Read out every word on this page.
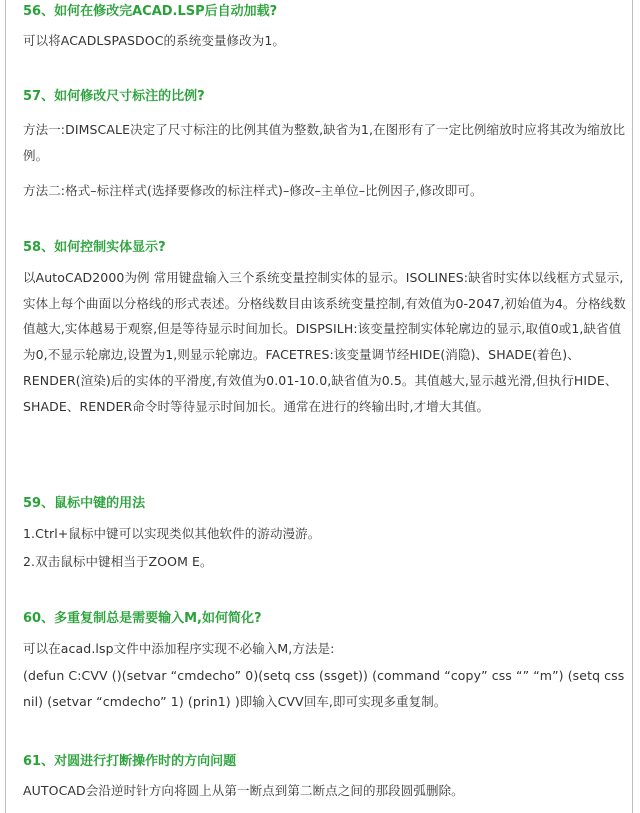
56、如何在修改完ACAD.LSP后自动加载?

可以将ACADLSPASDOC的系统变量修改为1。

57、如何修改尺寸标注的比例?

方法一:DIMSCALE决定了尺寸标注的比例其值为整数,缺省为1,在图形有了一定比例缩放时应将其改为缩放比例。

方法二:格式–标注样式(选择要修改的标注样式)–修改–主单位–比例因子,修改即可。

58、如何控制实体显示?

以AutoCAD2000为例 常用键盘输入三个系统变量控制实体的显示。ISOLINES:缺省时实体以线框方式显示,实体上每个曲面以分格线的形式表述。分格线数目由该系统变量控制,有效值为0-2047,初始值为4。分格线数值越大,实体越易于观察,但是等待显示时间加长。DISPSILH:该变量控制实体轮廓边的显示,取值0或1,缺省值为0,不显示轮廓边,设置为1,则显示轮廓边。FACETRES:该变量调节经HIDE(消隐)、SHADE(着色)、RENDER(渲染)后的实体的平滑度,有效值为0.01-10.0,缺省值为0.5。其值越大,显示越光滑,但执行HIDE、SHADE、RENDER命令时等待显示时间加长。通常在进行的终输出时,才增大其值。

59、鼠标中键的用法

1.Ctrl+鼠标中键可以实现类似其他软件的游动漫游。

2.双击鼠标中键相当于ZOOM E。

60、多重复制总是需要输入M,如何简化?

可以在acad.lsp文件中添加程序实现不必输入M,方法是:

(defun C:CVV ()(setvar “cmdecho” 0)(setq css (ssget)) (command “copy” css “” “m”) (setq css nil) (setvar “cmdecho” 1) (prin1) )即输入CVV回车,即可实现多重复制。

61、对圆进行打断操作时的方向问题

AUTOCAD会沿逆时针方向将圆上从第一断点到第二断点之间的那段圆弧删除。
